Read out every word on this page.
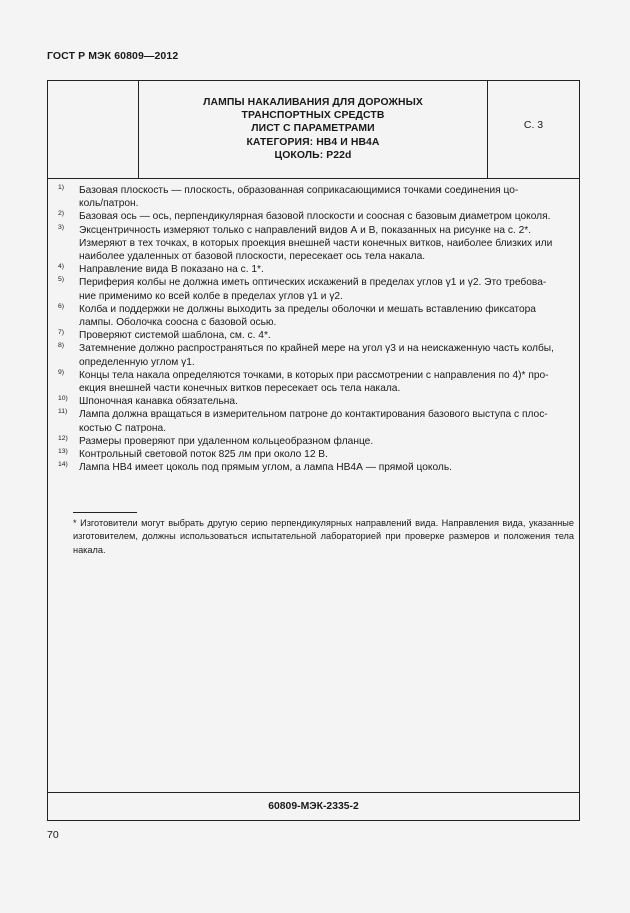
ГОСТ Р МЭК 60809—2012
ЛАМПЫ НАКАЛИВАНИЯ ДЛЯ ДОРОЖНЫХ
ТРАНСПОРТНЫХ СРЕДСТВ
ЛИСТ С ПАРАМЕТРАМИ
КАТЕГОРИЯ: НВ4 И НВ4А
ЦОКОЛЬ: Р22d
С. 3
1)	Базовая плоскость — плоскость, образованная соприкасающимися точками соединения цо-
коль/патрон.
2)	Базовая ось — ось, перпендикулярная базовой плоскости и соосная с базовым диаметром цоколя.
3)	Эксцентричность измеряют только с направлений видов А и В, показанных на рисунке на с. 2*.
Измеряют в тех точках, в которых проекция внешней части конечных витков, наиболее близких или
наиболее удаленных от базовой плоскости, пересекает ось тела накала.
4)	Направление вида В показано на с. 1*.
5)	Периферия колбы не должна иметь оптических искажений в пределах углов γ1 и γ2. Это требова-
ние применимо ко всей колбе в пределах углов γ1 и γ2.
6)	Колба и поддержки не должны выходить за пределы оболочки и мешать вставлению фиксатора
лампы. Оболочка соосна с базовой осью.
7)	Проверяют системой шаблона, см. с. 4*.
8)	Затемнение должно распространяться по крайней мере на угол γ3 и на неискаженную часть колбы,
определенную углом γ1.
9)	Концы тела накала определяются точками, в которых при рассмотрении с направления по 4)* про-
екция внешней части конечных витков пересекает ось тела накала.
10)	Шпоночная канавка обязательна.
11)	Лампа должна вращаться в измерительном патроне до контактирования базового выступа с плос-
костью С патрона.
12)	Размеры проверяют при удаленном кольцеобразном фланце.
13)	Контрольный световой поток 825 лм при около 12 В.
14)	Лампа НВ4 имеет цоколь под прямым углом, а лампа НВ4А — прямой цоколь.
* Изготовители могут выбрать другую серию перпендикулярных направлений вида. Направления вида, указанные изготовителем, должны использоваться испытательной лабораторией при проверке размеров и положения тела накала.
60809-МЭК-2335-2
70
